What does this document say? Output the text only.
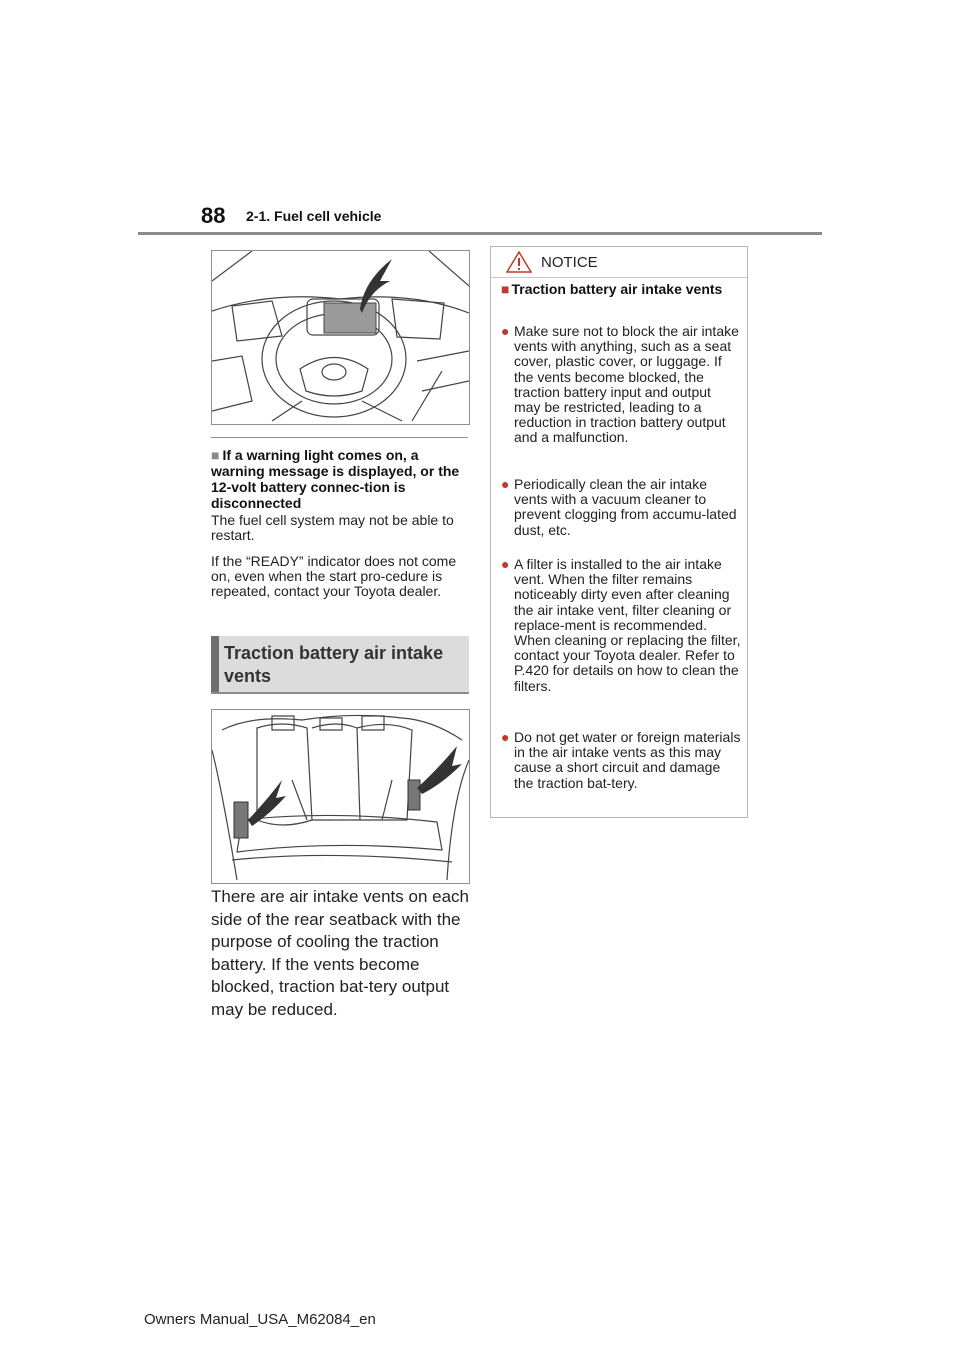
88 2-1. Fuel cell vehicle
■ If a warning light comes on, a warning message is displayed, or the 12-volt battery connec-tion is disconnected
The fuel cell system may not be able to restart.
If the “READY” indicator does not come on, even when the start pro-cedure is repeated, contact your Toyota dealer.
Traction battery air intake vents
There are air intake vents on each side of the rear seatback with the purpose of cooling the traction battery. If the vents become blocked, traction bat-tery output may be reduced.
NOTICE
■ Traction battery air intake vents
● Make sure not to block the air intake vents with anything, such as a seat cover, plastic cover, or luggage. If the vents become blocked, the traction battery input and output may be restricted, leading to a reduction in traction battery output and a malfunction.
● Periodically clean the air intake vents with a vacuum cleaner to prevent clogging from accumu-lated dust, etc.
● A filter is installed to the air intake vent. When the filter remains noticeably dirty even after cleaning the air intake vent, filter cleaning or replace-ment is recommended. When cleaning or replacing the filter, contact your Toyota dealer. Refer to P.420 for details on how to clean the filters.
● Do not get water or foreign materials in the air intake vents as this may cause a short circuit and damage the traction bat-tery.
Owners Manual_USA_M62084_en
